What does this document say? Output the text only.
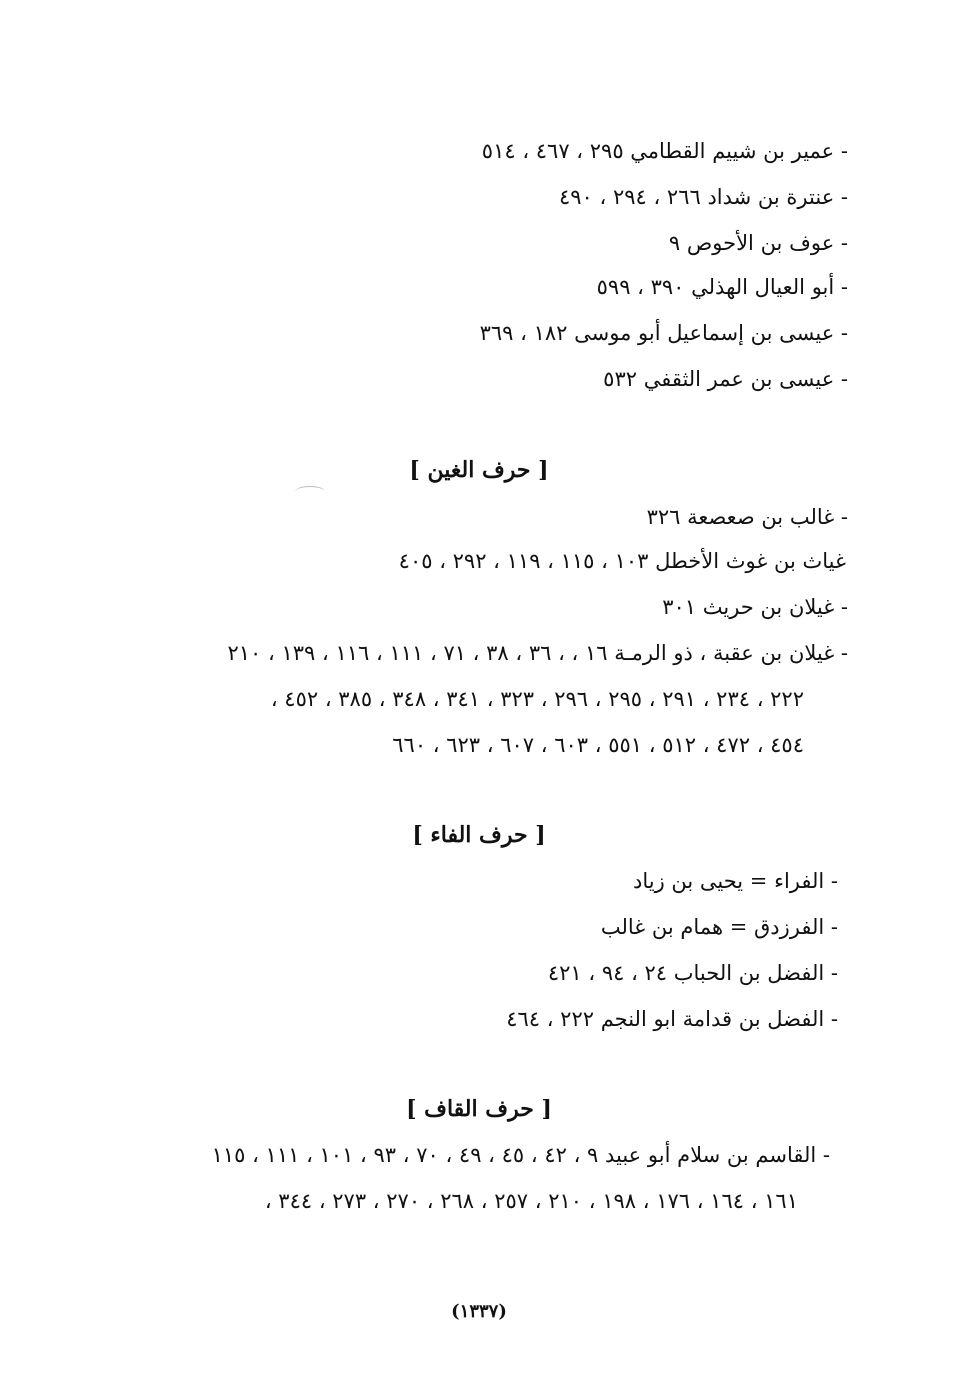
- عمير بن شييم القطامي ٢٩٥ ، ٤٦٧ ، ٥١٤
- عنترة بن شداد ٢٦٦ ، ٢٩٤ ، ٤٩٠
- عوف بن الأحوص ٩
- أبو العيال الهذلي ٣٩٠ ، ٥٩٩
- عيسى بن إسماعيل أبو موسى ١٨٢ ، ٣٦٩
- عيسى بن عمر الثقفي ٥٣٢
[ حرف الغين ]
- غالب بن صعصعة ٣٢٦
غياث بن غوث الأخطل ١٠٣ ، ١١٥ ، ١١٩ ، ٢٩٢ ، ٤٠٥
- غيلان بن حريث ٣٠١
- غيلان بن عقبة ، ذو الرمـة ١٦ ، ، ٣٦ ، ٣٨ ، ٧١ ، ١١١ ، ١١٦ ، ١٣٩ ، ٢١٠
٢٢٢ ، ٢٣٤ ، ٢٩١ ، ٢٩٥ ، ٢٩٦ ، ٣٢٣ ، ٣٤١ ، ٣٤٨ ، ٣٨٥ ، ٤٥٢ ،
٤٥٤ ، ٤٧٢ ، ٥١٢ ، ٥٥١ ، ٦٠٣ ، ٦٠٧ ، ٦٢٣ ، ٦٦٠
[ حرف الفاء ]
- الفراء = يحيى بن زياد
- الفرزدق = همام بن غالب
- الفضل بن الحباب ٢٤ ، ٩٤ ، ٤٢١
- الفضل بن قدامة ابو النجم ٢٢٢ ، ٤٦٤
[ حرف القاف ]
- القاسم بن سلام أبو عبيد ٩ ، ٤٢ ، ٤٥ ، ٤٩ ، ٧٠ ، ٩٣ ، ١٠١ ، ١١١ ، ١١٥
١٦١ ، ١٦٤ ، ١٧٦ ، ١٩٨ ، ٢١٠ ، ٢٥٧ ، ٢٦٨ ، ٢٧٠ ، ٢٧٣ ، ٣٤٤ ،
(١٣٣٧)
